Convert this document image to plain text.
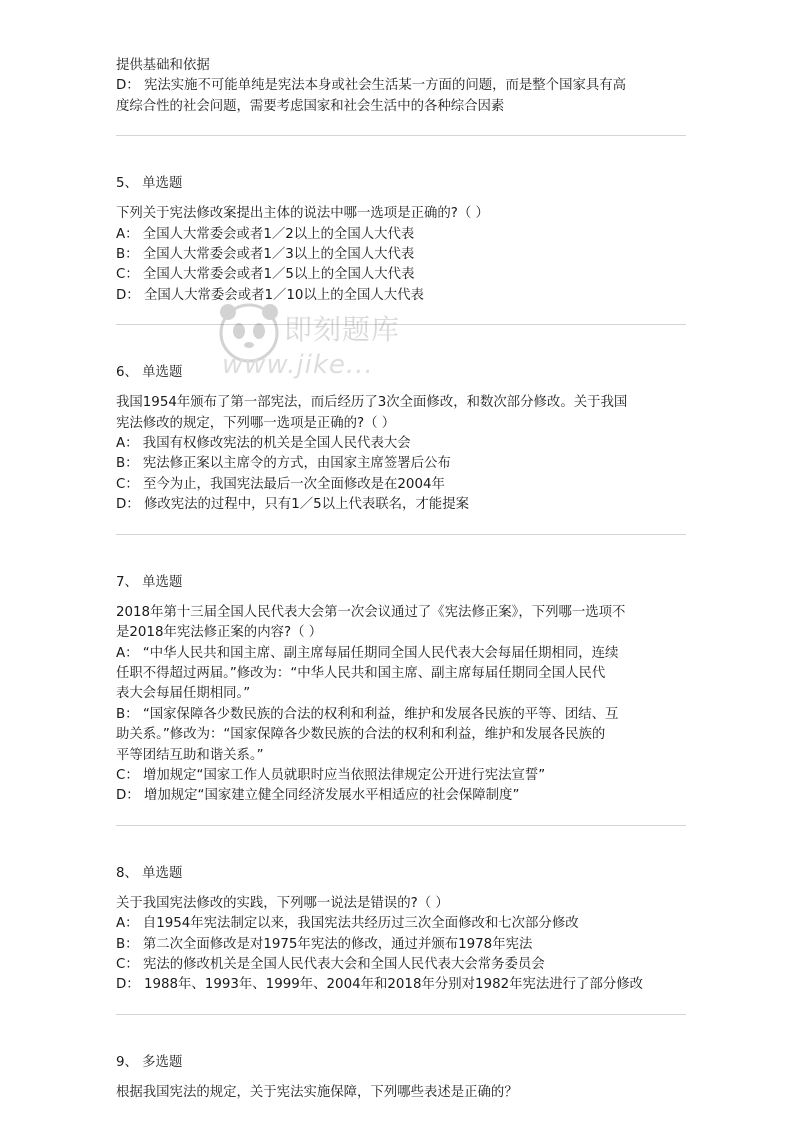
提供基础和依据
D： 宪法实施不可能单纯是宪法本身或社会生活某一方面的问题，而是整个国家具有高
度综合性的社会问题，需要考虑国家和社会生活中的各种综合因素
5、 单选题
下列关于宪法修改案提出主体的说法中哪一选项是正确的?（ ）
A： 全国人大常委会或者1／2以上的全国人大代表
B： 全国人大常委会或者1／3以上的全国人大代表
C： 全国人大常委会或者1／5以上的全国人大代表
D： 全国人大常委会或者1／10以上的全国人大代表
6、 单选题
我国1954年颁布了第一部宪法，而后经历了3次全面修改，和数次部分修改。关于我国
宪法修改的规定，下列哪一选项是正确的?（ ）
A： 我国有权修改宪法的机关是全国人民代表大会
B： 宪法修正案以主席令的方式，由国家主席签署后公布
C： 至今为止，我国宪法最后一次全面修改是在2004年
D： 修改宪法的过程中，只有1／5以上代表联名，才能提案
7、 单选题
2018年第十三届全国人民代表大会第一次会议通过了《宪法修正案》，下列哪一选项不
是2018年宪法修正案的内容?（ ）
A： “中华人民共和国主席、副主席每届任期同全国人民代表大会每届任期相同，连续
任职不得超过两届。”修改为：“中华人民共和国主席、副主席每届任期同全国人民代
表大会每届任期相同。”
B： “国家保障各少数民族的合法的权利和利益，维护和发展各民族的平等、团结、互
助关系。”修改为：“国家保障各少数民族的合法的权利和利益，维护和发展各民族的
平等团结互助和谐关系。”
C： 增加规定“国家工作人员就职时应当依照法律规定公开进行宪法宣誓”
D： 增加规定“国家建立健全同经济发展水平相适应的社会保障制度”
8、 单选题
关于我国宪法修改的实践，下列哪一说法是错误的?（ ）
A： 自1954年宪法制定以来，我国宪法共经历过三次全面修改和七次部分修改
B： 第二次全面修改是对1975年宪法的修改，通过并颁布1978年宪法
C： 宪法的修改机关是全国人民代表大会和全国人民代表大会常务委员会
D： 1988年、1993年、1999年、2004年和2018年分别对1982年宪法进行了部分修改
9、 多选题
根据我国宪法的规定，关于宪法实施保障，下列哪些表述是正确的？
即刻题库
www.jike...
